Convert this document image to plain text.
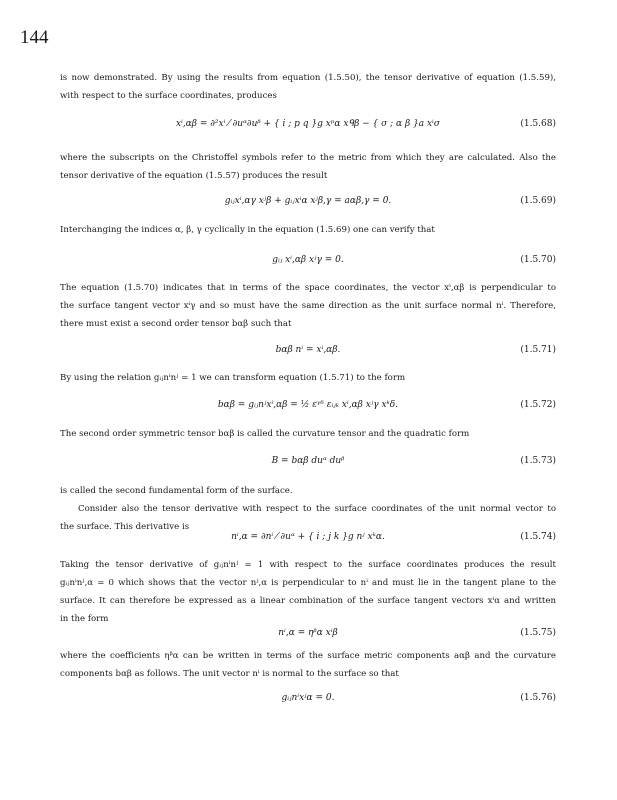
144
is now demonstrated. By using the results from equation (1.5.50), the tensor derivative of equation (1.5.59),
with respect to the surface coordinates, produces
xⁱ,αβ = ∂²xⁱ ⁄ ∂uᵅ∂uᵝ + { i ; p q }g xᵖα xᑫβ − { σ ; α β }a xⁱσ	(1.5.68)
where the subscripts on the Christoffel symbols refer to the metric from which they are calculated. Also the
tensor derivative of the equation (1.5.57) produces the result
gᵢⱼxⁱ,αγ xʲβ + gᵢⱼxⁱα xʲβ,γ = aαβ,γ = 0.	(1.5.69)
Interchanging the indices α, β, γ cyclically in the equation (1.5.69) one can verify that
gᵢⱼ xⁱ,αβ xʲγ = 0.	(1.5.70)
The equation (1.5.70) indicates that in terms of the space coordinates, the vector xⁱ,αβ is perpendicular to
the surface tangent vector xⁱγ and so must have the same direction as the unit surface normal nⁱ. Therefore,
there must exist a second order tensor bαβ such that
bαβ nⁱ = xⁱ,αβ.	(1.5.71)
By using the relation gᵢⱼnⁱnʲ = 1 we can transform equation (1.5.71) to the form
bαβ = gᵢⱼnʲxⁱ,αβ = ½ εᵞᵟ εᵢⱼₖ xⁱ,αβ xʲγ xᵏδ.	(1.5.72)
The second order symmetric tensor bαβ is called the curvature tensor and the quadratic form
B = bαβ duᵅ duᵝ	(1.5.73)
is called the second fundamental form of the surface.
Consider also the tensor derivative with respect to the surface coordinates of the unit normal vector to
the surface. This derivative is
nⁱ,α = ∂nⁱ ⁄ ∂uᵅ + { i ; j k }g nʲ xᵏα.	(1.5.74)
Taking the tensor derivative of gᵢⱼnⁱnʲ = 1 with respect to the surface coordinates produces the result
gᵢⱼnⁱnʲ,α = 0 which shows that the vector nʲ,α is perpendicular to nⁱ and must lie in the tangent plane to the
surface. It can therefore be expressed as a linear combination of the surface tangent vectors xⁱα and written
in the form
nⁱ,α = ηᵝα xⁱβ	(1.5.75)
where the coefficients ηᵝα can be written in terms of the surface metric components aαβ and the curvature
components bαβ as follows. The unit vector nⁱ is normal to the surface so that
gᵢⱼnⁱxʲα = 0.	(1.5.76)
